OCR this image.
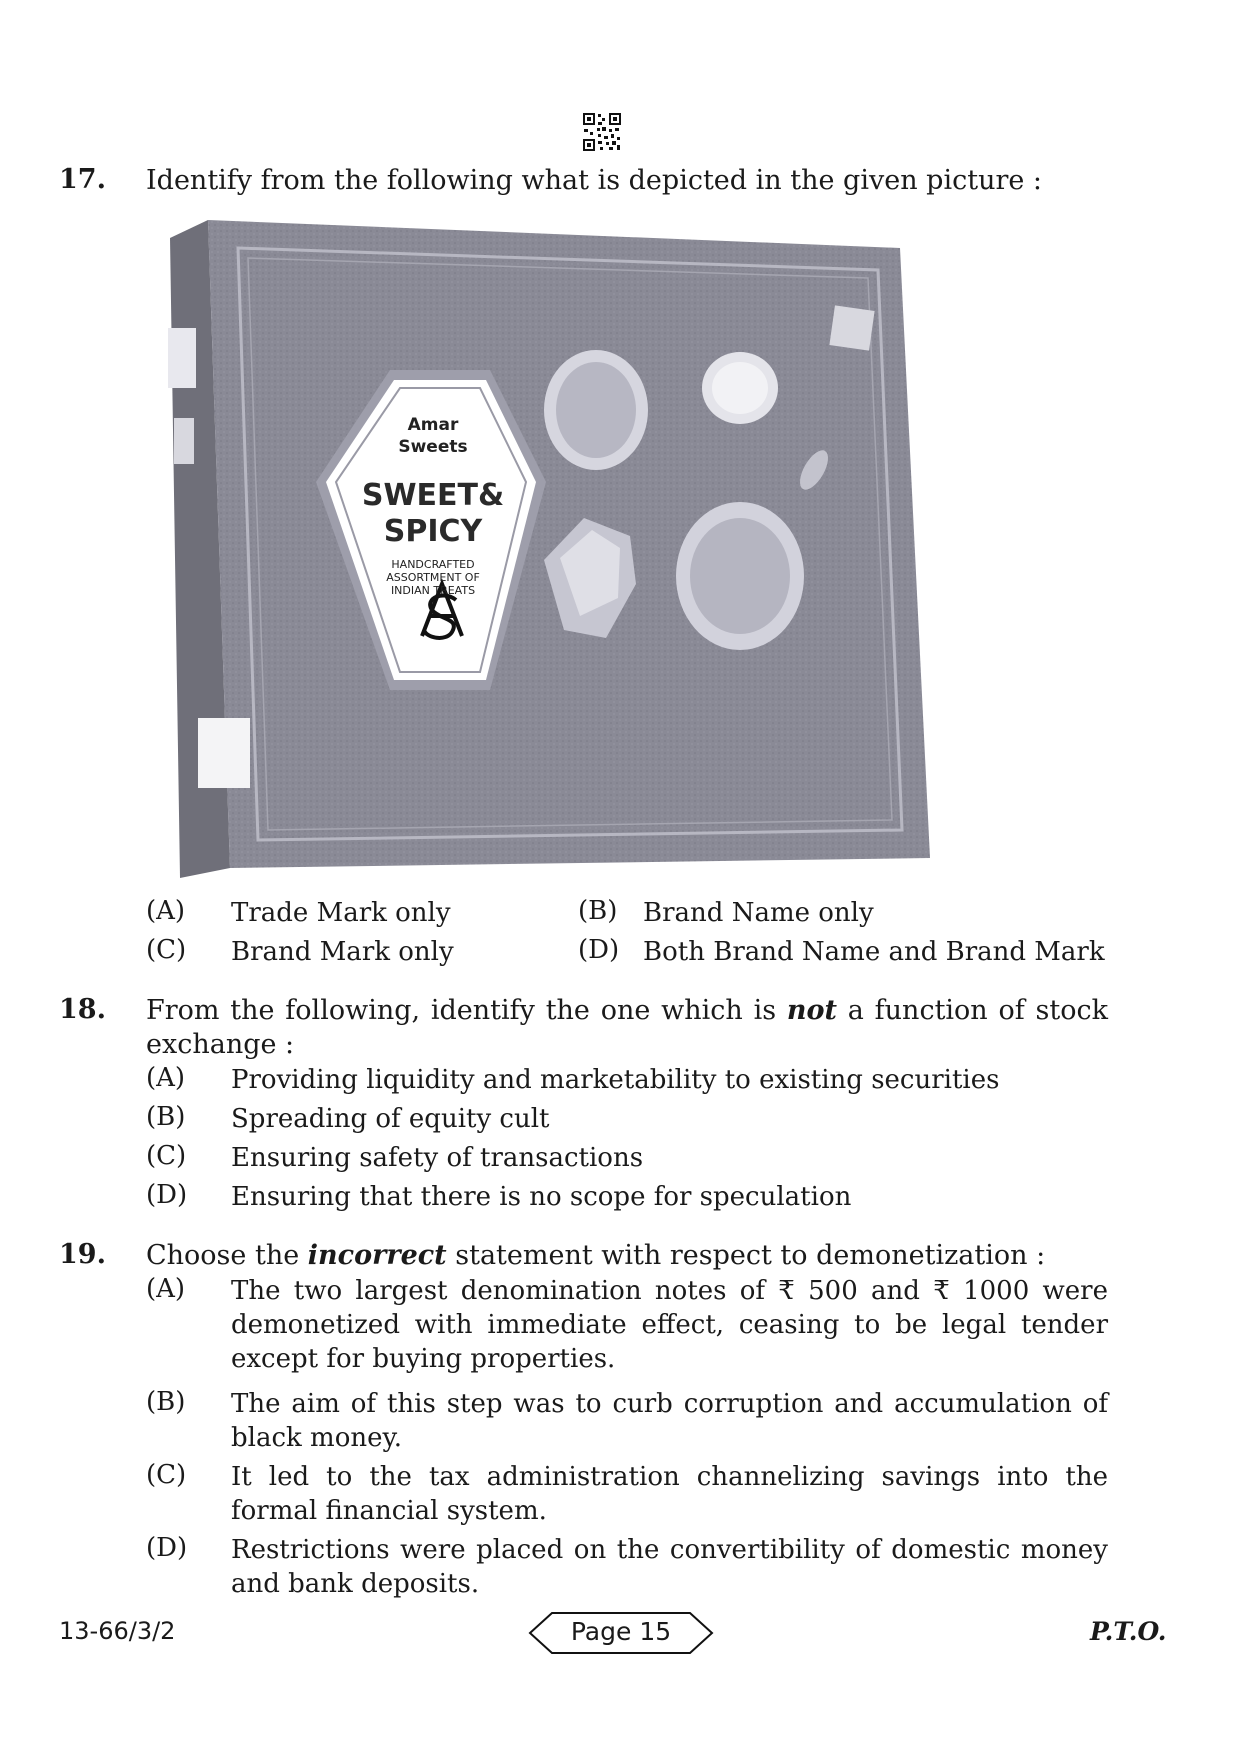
17. Identify from the following what is depicted in the given picture :
Amar
Sweets
SWEET&
SPICY
HANDCRAFTED
ASSORTMENT OF
INDIAN TREATS
(A) Trade Mark only	(B) Brand Name only
(C) Brand Mark only	(D) Both Brand Name and Brand Mark
18. From the following, identify the one which is not a function of stock exchange :
(A) Providing liquidity and marketability to existing securities
(B) Spreading of equity cult
(C) Ensuring safety of transactions
(D) Ensuring that there is no scope for speculation
19. Choose the incorrect statement with respect to demonetization :
(A) The two largest denomination notes of ₹ 500 and ₹ 1000 were demonetized with immediate effect, ceasing to be legal tender except for buying properties.
(B) The aim of this step was to curb corruption and accumulation of black money.
(C) It led to the tax administration channelizing savings into the formal financial system.
(D) Restrictions were placed on the convertibility of domestic money and bank deposits.
13-66/3/2	Page 15	P.T.O.
